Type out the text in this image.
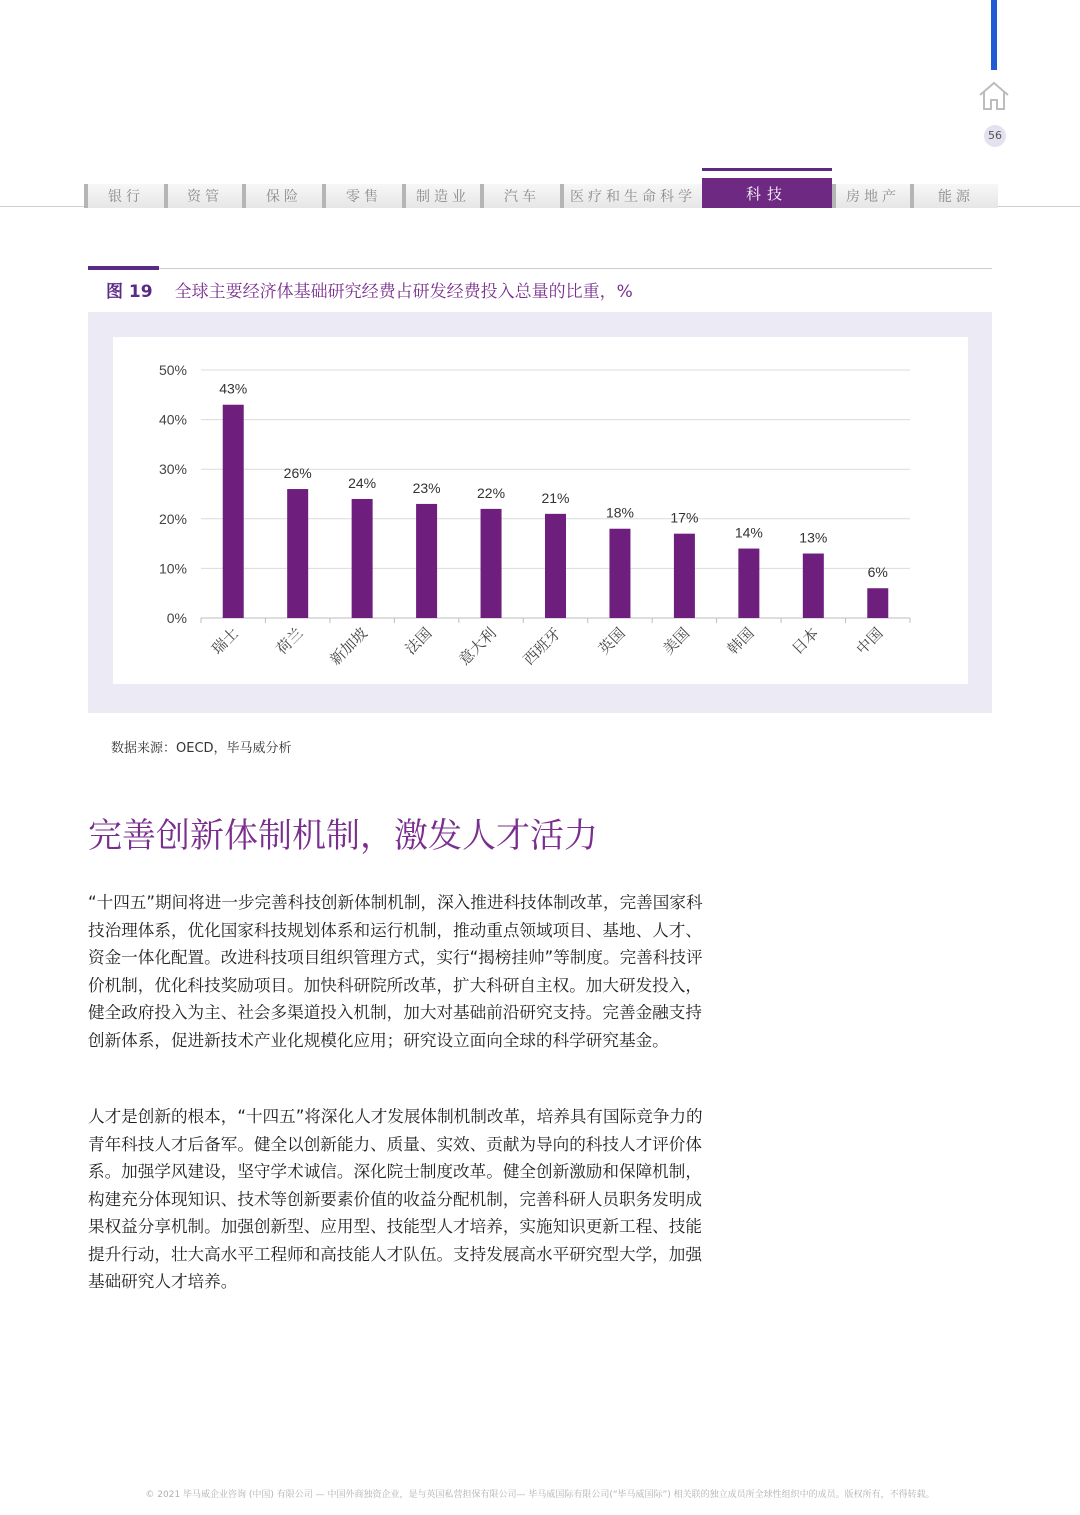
56
银行	资管	保险	零售	制造业	汽车	医疗和生命科学	科技	房地产	能源
图 19 全球主要经济体基础研究经费占研发经费投入总量的比重，%
0%
10%
20%
30%
40%
50%
43%
瑞士
26%
荷兰
24%
新加坡
23%
法国
22%
意大利
21%
西班牙
18%
英国
17%
美国
14%
韩国
13%
日本
6%
中国
数据来源：OECD，毕马威分析
完善创新体制机制，激发人才活力

“十四五”期间将进一步完善科技创新体制机制，深入推进科技体制改革，完善国家科技治理体系，优化国家科技规划体系和运行机制，推动重点领域项目、基地、人才、资金一体化配置。改进科技项目组织管理方式，实行“揭榜挂帅”等制度。完善科技评价机制，优化科技奖励项目。加快科研院所改革，扩大科研自主权。加大研发投入，健全政府投入为主、社会多渠道投入机制，加大对基础前沿研究支持。完善金融支持创新体系，促进新技术产业化规模化应用；研究设立面向全球的科学研究基金。

人才是创新的根本，“十四五”将深化人才发展体制机制改革，培养具有国际竞争力的青年科技人才后备军。健全以创新能力、质量、实效、贡献为导向的科技人才评价体系。加强学风建设，坚守学术诚信。深化院士制度改革。健全创新激励和保障机制，构建充分体现知识、技术等创新要素价值的收益分配机制，完善科研人员职务发明成果权益分享机制。加强创新型、应用型、技能型人才培养，实施知识更新工程、技能提升行动，壮大高水平工程师和高技能人才队伍。支持发展高水平研究型大学，加强基础研究人才培养。

© 2021 毕马威企业咨询 (中国) 有限公司 — 中国外商独资企业，是与英国私营担保有限公司— 毕马威国际有限公司(“毕马威国际”) 相关联的独立成员所全球性组织中的成员。版权所有，不得转载。
